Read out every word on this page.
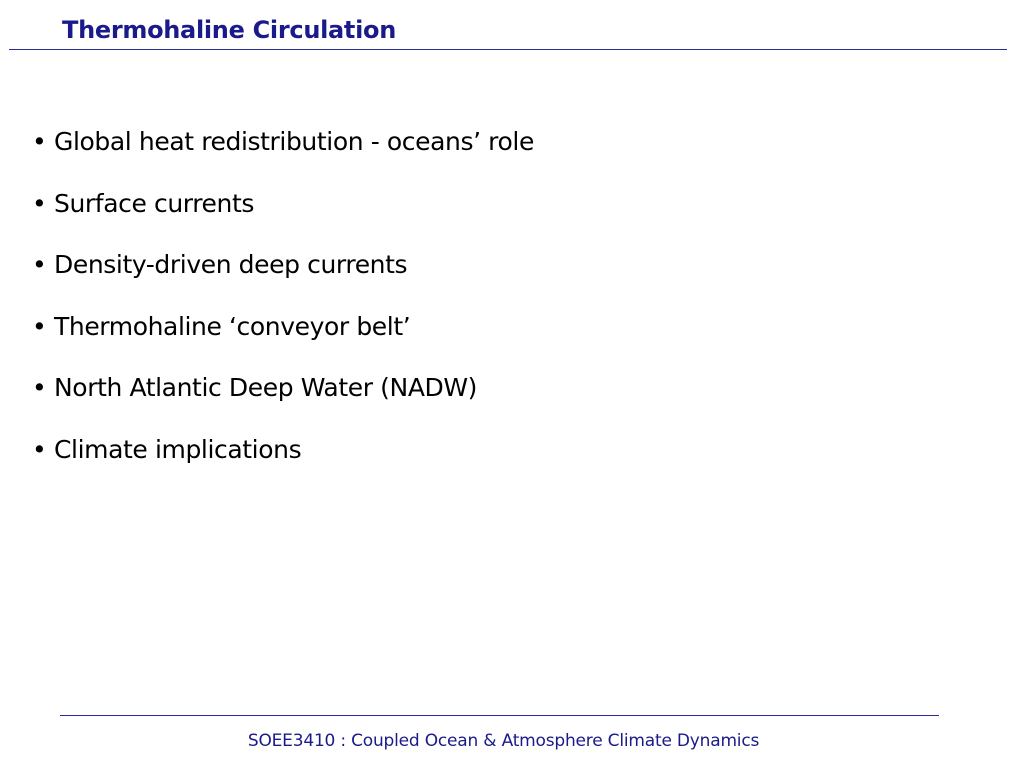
Thermohaline Circulation
• Global heat redistribution - oceans’ role
• Surface currents
• Density-driven deep currents
• Thermohaline ‘conveyor belt’
• North Atlantic Deep Water (NADW)
• Climate implications
SOEE3410 : Coupled Ocean & Atmosphere Climate Dynamics
